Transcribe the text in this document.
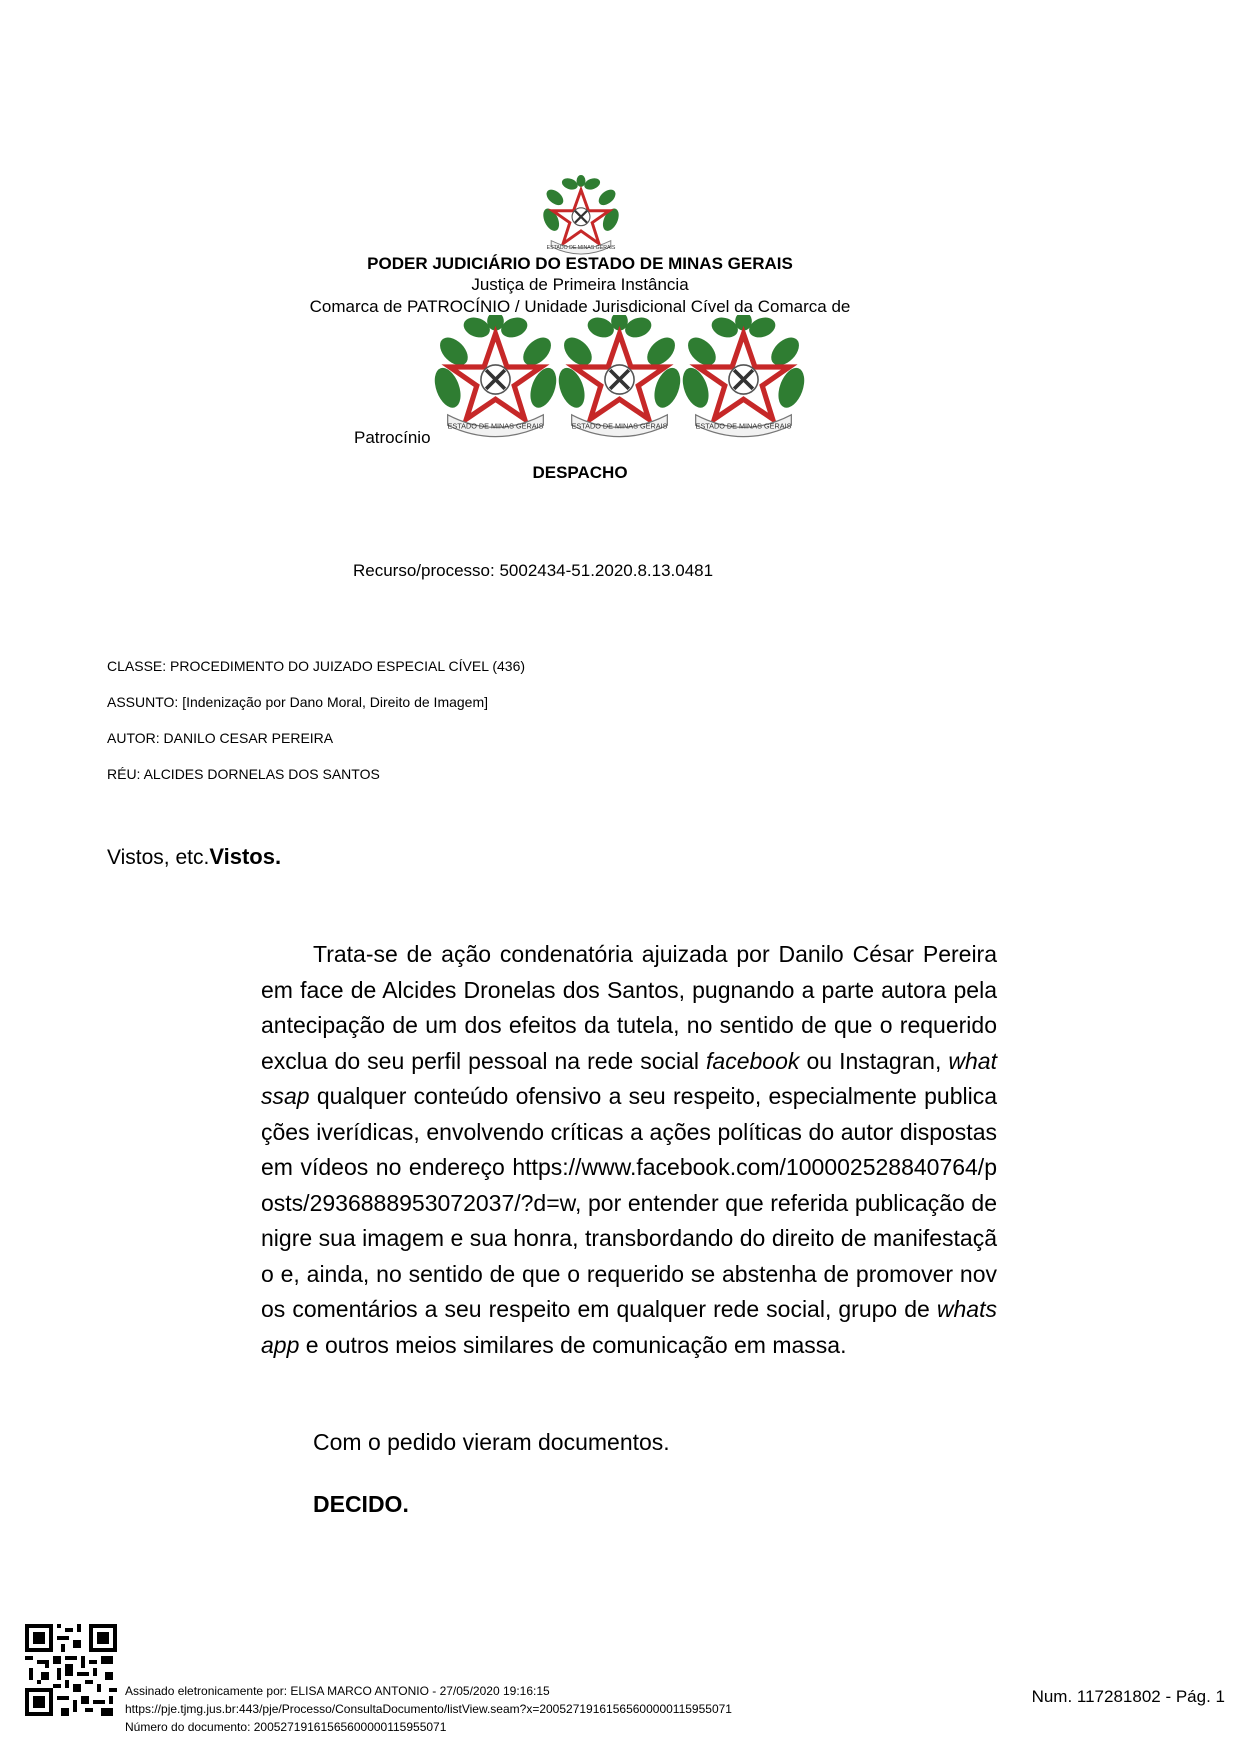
ESTADO DE MINAS GERAIS
PODER JUDICIÁRIO DO ESTADO DE MINAS GERAIS
Justiça de Primeira Instância
Comarca de PATROCÍNIO / Unidade Jurisdicional Cível da Comarca de
ESTADO DE MINAS GERAIS	ESTADO DE MINAS GERAIS	ESTADO DE MINAS GERAIS
Patrocínio
DESPACHO
Recurso/processo: 5002434-51.2020.8.13.0481
CLASSE: PROCEDIMENTO DO JUIZADO ESPECIAL CÍVEL (436)
ASSUNTO: [Indenização por Dano Moral, Direito de Imagem]
AUTOR: DANILO CESAR PEREIRA
RÉU: ALCIDES DORNELAS DOS SANTOS
Vistos, etc.Vistos.

Trata-se de ação condenatória ajuizada por Danilo César Pereira em face de Alcides Dronelas dos Santos, pugnando a parte autora pela antecipação de um dos efeitos da tutela, no sentido de que o requerido exclua do seu perfil pessoal na rede social facebook ou Instagran, whatssap qualquer conteúdo ofensivo a seu respeito, especialmente publicações iverídicas, envolvendo críticas a ações políticas do autor dispostas em vídeos no endereço https://www.facebook.com/100002528840764/posts/2936888953072037/?d=w, por entender que referida publicação denigre sua imagem e sua honra, transbordando do direito de manifestação e, ainda, no sentido de que o requerido se abstenha de promover novos comentários a seu respeito em qualquer rede social, grupo de whatsapp e outros meios similares de comunicação em massa.

Com o pedido vieram documentos.

DECIDO.

Assinado eletronicamente por: ELISA MARCO ANTONIO - 27/05/2020 19:16:15
https://pje.tjmg.jus.br:443/pje/Processo/ConsultaDocumento/listView.seam?x=20052719161565600000115955071
Número do documento: 20052719161565600000115955071
Num. 117281802 - Pág. 1
